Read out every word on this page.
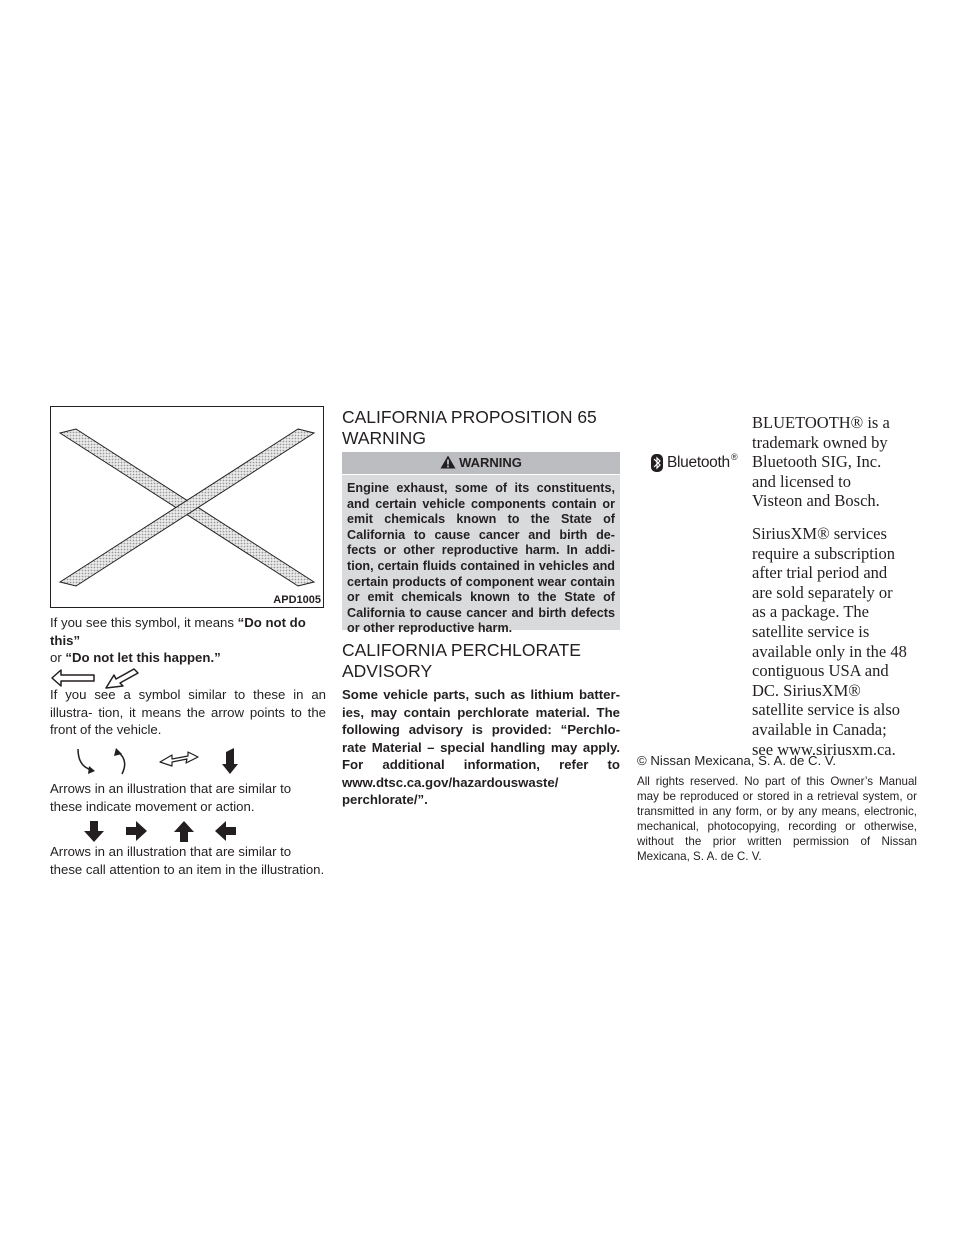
APD1005

If you see this symbol, it means “Do not do this”
or “Do not let this happen.”

If you see a symbol similar to these in an illustra- tion, it means the arrow points to the front of the vehicle.

Arrows in an illustration that are similar to these indicate movement or action.

Arrows in an illustration that are similar to these call attention to an item in the illustration.

CALIFORNIA PROPOSITION 65
WARNING
WARNING
Engine exhaust, some of its constituents, and certain vehicle components contain or emit chemicals known to the State of California to cause cancer and birth de- fects or other reproductive harm. In addi- tion, certain fluids contained in vehicles and certain products of component wear contain or emit chemicals known to the State of California to cause cancer and birth defects or other reproductive harm.
CALIFORNIA PERCHLORATE
ADVISORY

Some vehicle parts, such as lithium batter- ies, may contain perchlorate material. The following advisory is provided: “Perchlo- rate Material – special handling may apply. For additional information, refer to www.dtsc.ca.gov/hazardouswaste/ perchlorate/”.

Bluetooth ®
BLUETOOTH® is a
trademark owned by
Bluetooth SIG, Inc.
and licensed to
Visteon and Bosch.
SiriusXM® services
require a subscription
after trial period and
are sold separately or
as a package. The
satellite service is
available only in the 48
contiguous USA and
DC. SiriusXM®
satellite service is also
available in Canada;
see www.siriusxm.ca.

© Nissan Mexicana, S. A. de C. V.

All rights reserved. No part of this Owner’s Manual may be reproduced or stored in a retrieval system, or transmitted in any form, or by any means, electronic, mechanical, photocopying, recording or otherwise, without the prior written permission of Nissan Mexicana, S. A. de C. V.
